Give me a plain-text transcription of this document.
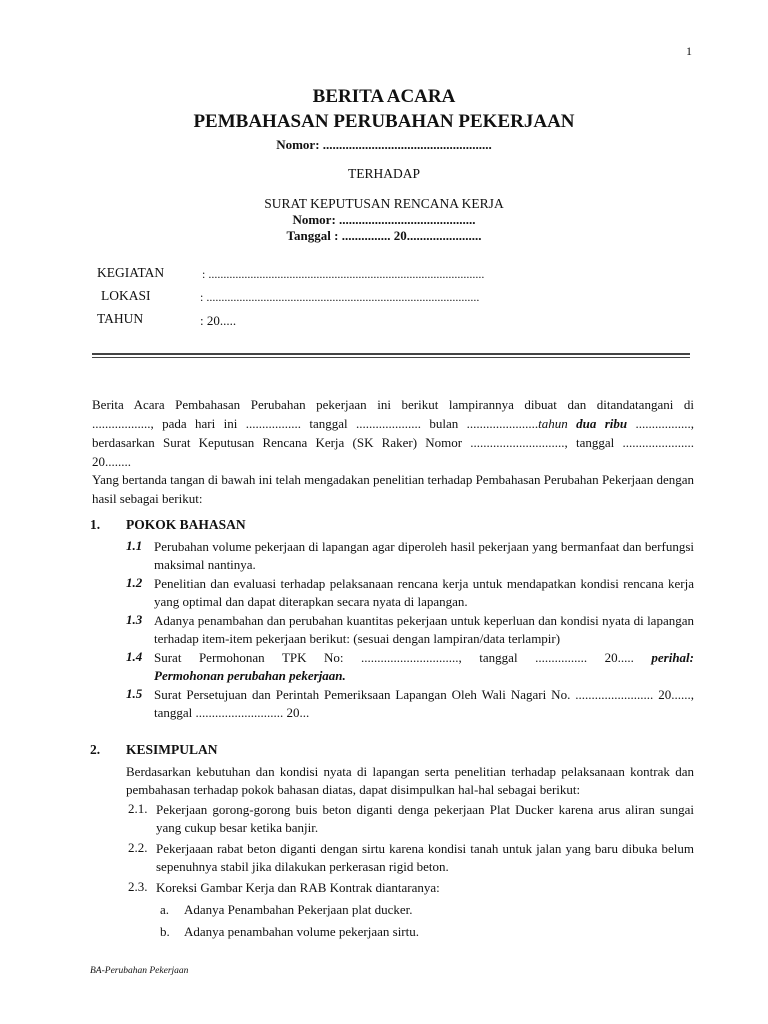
1
BERITA ACARA
PEMBAHASAN PERUBAHAN PEKERJAAN
Nomor: ....................................................
TERHADAP
SURAT KEPUTUSAN RENCANA KERJA
Nomor: ..........................................
Tanggal : ............... 20.......................
KEGIATAN	: ............................................................................................
LOKASI	: ...........................................................................................
TAHUN	: 20.....
Berita Acara Pembahasan Perubahan pekerjaan ini berikut lampirannya dibuat dan ditandatangani di
.................., pada hari ini ................. tanggal .................... bulan ......................tahun dua ribu .................,
berdasarkan Surat Keputusan Rencana Kerja (SK Raker) Nomor ............................., tanggal ......................
20........
Yang bertanda tangan di bawah ini telah mengadakan penelitian terhadap Pembahasan Perubahan Pekerjaan dengan hasil sebagai berikut:
1. POKOK BAHASAN
1.1 Perubahan volume pekerjaan di lapangan agar diperoleh hasil pekerjaan yang bermanfaat dan berfungsi maksimal nantinya.
1.2 Penelitian dan evaluasi terhadap pelaksanaan rencana kerja untuk mendapatkan kondisi rencana kerja yang optimal dan dapat diterapkan secara nyata di lapangan.
1.3 Adanya penambahan dan perubahan kuantitas pekerjaan untuk keperluan dan kondisi nyata di lapangan terhadap item-item pekerjaan berikut: (sesuai dengan lampiran/data terlampir)
1.4 Surat Permohonan TPK No: .............................., tanggal ................ 20..... perihal:
Permohonan perubahan pekerjaan.
1.5 Surat Persetujuan dan Perintah Pemeriksaan Lapangan Oleh Wali Nagari No. ........................ 20......, tanggal ........................... 20...
2. KESIMPULAN
Berdasarkan kebutuhan dan kondisi nyata di lapangan serta penelitian terhadap pelaksanaan kontrak dan pembahasan terhadap pokok bahasan diatas, dapat disimpulkan hal-hal sebagai berikut:
2.1. Pekerjaan gorong-gorong buis beton diganti denga pekerjaan Plat Ducker karena arus aliran sungai yang cukup besar ketika banjir.
2.2. Pekerjaaan rabat beton diganti dengan sirtu karena kondisi tanah untuk jalan yang baru dibuka belum sepenuhnya stabil jika dilakukan perkerasan rigid beton.
2.3. Koreksi Gambar Kerja dan RAB Kontrak diantaranya:
a. Adanya Penambahan Pekerjaan plat ducker.
b. Adanya penambahan volume pekerjaan sirtu.
BA-Perubahan Pekerjaan
